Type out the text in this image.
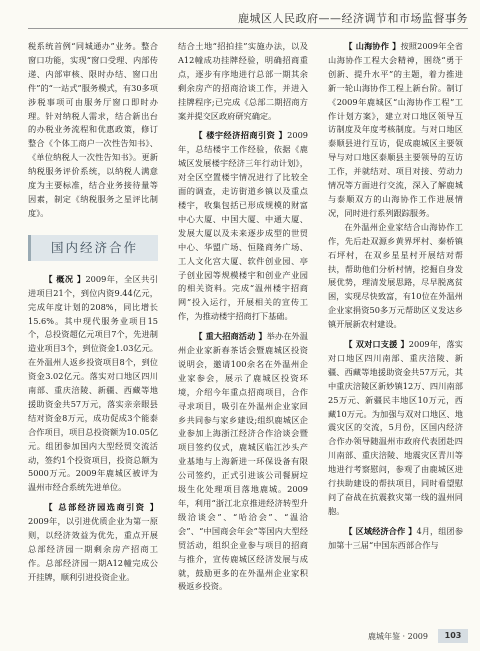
鹿城区人民政府——经济调节和市场监督事务

税系统首例“同城通办”业务。整合窗口功能，实现“窗口受理、内部传递、内部审核、限时办结、窗口出件”的“一站式”服务模式，有30多项涉税事项可由服务厅窗口即时办理。针对纳税人需求，结合新出台的办税业务流程和优惠政策，修订整合《个体工商户一次性告知书》、《单位纳税人一次性告知书》。更新纳税服务评价系统，以纳税人满意度为主要标准，结合业务接待量等因素，制定《纳税服务之星评比制度》。

国内经济合作

【 概况 】2009年，全区共引进项目21个，到位内资9.44亿元，完成年度计划的208%，同比增长15.6%。其中现代服务业项目15个，总投资超亿元项目7个，先进制造业项目3个，到位资金1.03亿元。在外温州人返乡投资项目8个，到位资金3.02亿元。落实对口地区四川南部、重庆涪陵、新疆、西藏等地援助资金共57万元，落实亲亲眼县结对资金8万元，成功促成3个能泰合作项目，项目总投资额为10.05亿元。组团参加国内大型经贸交流活动，签约1个投资项目，投资总额为5000万元。2009年鹿城区被评为温州市经合系统先进单位。

【 总部经济园选商引资 】2009年，以引进优质企业为第一原则，以经济效益为优先，重点开展总部经济园一期剩余房产招商工作。总部经济园一期A12幢完成公开挂牌，顺利引进投资企业。

结合土地“招拍挂”实施办法，以及A12幢成功挂牌经验，明确招商重点，逐步有序地进行总部一期其余剩余房产的招商洽谈工作，并进入挂牌程序;已完成《总部二期招商方案并提交区政府研究确定。

【 楼宇经济招商引资 】2009年，总结楼宇工作经验，依据《鹿城区发展楼宇经济三年行动计划》，对全区空置楼宇情况进行了比较全面的调查，走访街道乡镇以及重点楼宇，收集包括已形成规模的财富中心大厦、中国大厦、中通大厦、发展大厦以及未来逐步成型的世贸中心、华盟广场、恒隆商务广场、工人文化宫大厦、软件创业园、亭子创业园等规模楼宇和创业产业园的相关资料。完成“温州楼宇招商网”投入运行，开展相关的宣传工作，为推动楼宇招商打下基础。

【 重大招商活动 】举办在外温州企业家新春茶话会暨鹿城区投资说明会，邀请100余名在外温州企业家参会，展示了鹿城区投资环境，介绍今年重点招商项目，合作寻求项目，吸引在外温州企业家回乡共同参与家乡建设;组织鹿城区企业参加上海浙江经济合作洽谈会暨项目签约仪式，鹿城区临江沙头产业基地与上海新进一环保设备有限公司签约，正式引进该公司餐厨垃圾生化处理项目落地鹿城。2009年，利用“浙江北京推进经济转型升级洽谈会”、“哈洽会”、“温洽会”、“中国商会年会”等国内大型经贸活动，组织企业参与项目的招商与推介，宣传鹿城区经济发展与成就，鼓励更多的在外温州企业家积极返乡投资。

【 山海协作 】按照2009年全省山海协作工程大会精神，围绕“勇于创新、提升水平”的主题，着力推进新一轮山海协作工程上新台阶。制订《2009年鹿城区“山海协作工程”工作计划方案》，建立对口地区领导互访制度及年度考核制度。与对口地区泰顺县进行互访，促成鹿城区主要领导与对口地区泰顺县主要领导的互访工作，并就结对、项目对接、劳动力情况等方面进行交流，深入了解鹿城与泰顺双方的山海协作工作进展情况，同时进行系列跟踪服务。

在外温州企业家结合山海协作工作，先后赴双源乡黄界坪村、秦桥镇石坪村，在双乡星星村开展结对帮扶，帮助他们分析村情，挖掘自身发展优势，理清发展思路，尽早脱离贫困，实现尽快致富，有10位在外温州企业家捐资50多万元帮助区义发达乡镇开展新农村建设。

【 双对口支援 】2009年，落实对口地区四川南部、重庆涪陵、新疆、西藏等地援助资金共57万元，其中重庆涪陵区新妙镇12万、四川南部25万元、新疆民丰地区10万元，西藏10万元。为加强与双对口地区、地震灾区的交流，5月份，区国内经济合作办领导随温州市政府代表团赴四川南部、重庆涪陵、地震灾区青川等地进行考察慰问，参观了由鹿城区进行扶助建设的帮扶项目，同时看望慰问了奋战在抗震救灾第一线的温州同胞。

【 区域经济合作 】4月，组团参加第十三届“中国东西部合作与

鹿城年鉴 · 2009	103
